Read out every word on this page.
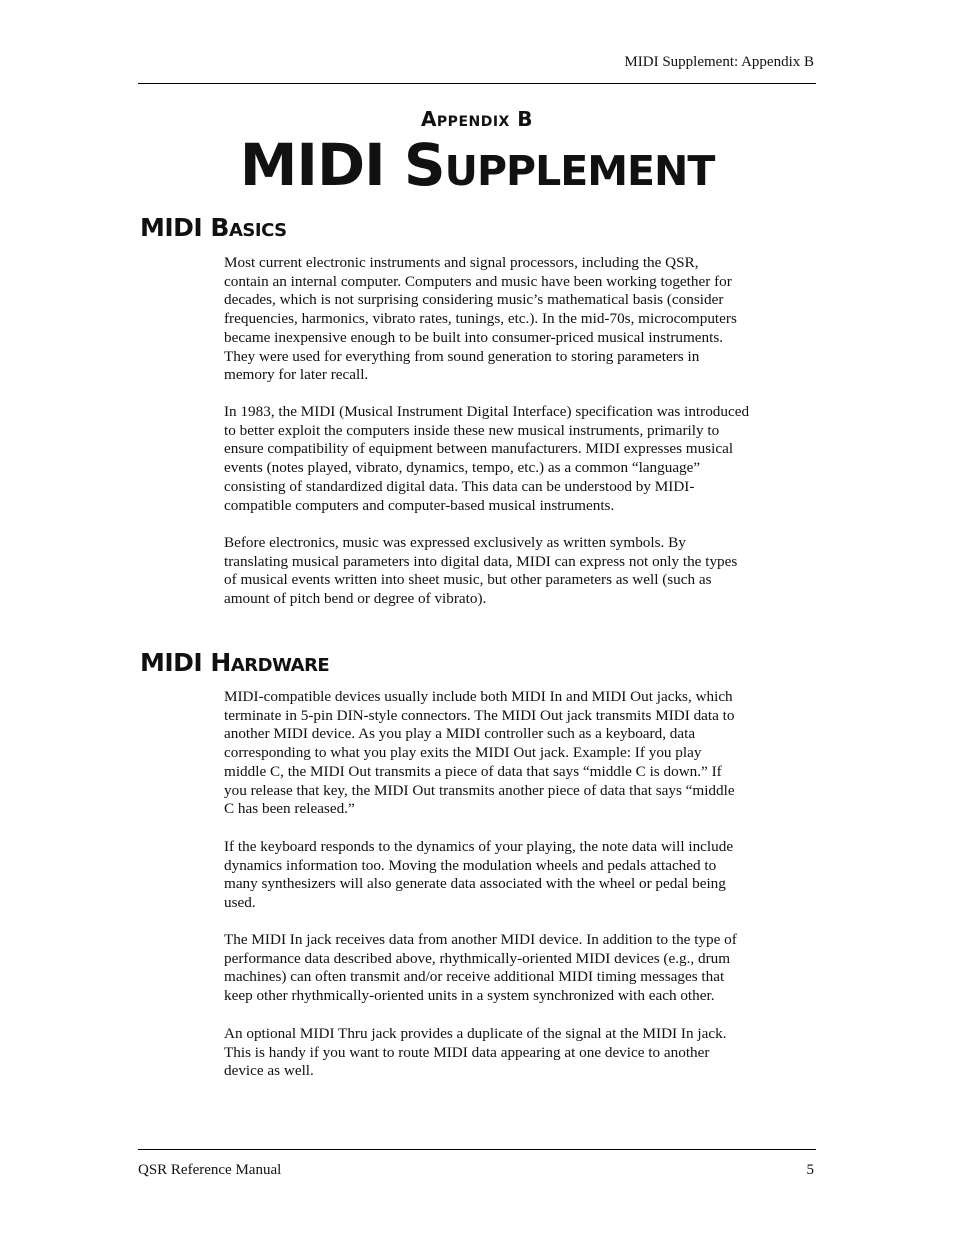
MIDI Supplement: Appendix B
Appendix B
MIDI Supplement
MIDI Basics

Most current electronic instruments and signal processors, including the QSR,
contain an internal computer. Computers and music have been working together for
decades, which is not surprising considering music’s mathematical basis (consider
frequencies, harmonics, vibrato rates, tunings, etc.). In the mid-70s, microcomputers
became inexpensive enough to be built into consumer-priced musical instruments.
They were used for everything from sound generation to storing parameters in
memory for later recall.

In 1983, the MIDI (Musical Instrument Digital Interface) specification was introduced
to better exploit the computers inside these new musical instruments, primarily to
ensure compatibility of equipment between manufacturers. MIDI expresses musical
events (notes played, vibrato, dynamics, tempo, etc.) as a common “language”
consisting of standardized digital data. This data can be understood by MIDI-
compatible computers and computer-based musical instruments.

Before electronics, music was expressed exclusively as written symbols. By
translating musical parameters into digital data, MIDI can express not only the types
of musical events written into sheet music, but other parameters as well (such as
amount of pitch bend or degree of vibrato).

MIDI Hardware

MIDI-compatible devices usually include both MIDI In and MIDI Out jacks, which
terminate in 5-pin DIN-style connectors. The MIDI Out jack transmits MIDI data to
another MIDI device. As you play a MIDI controller such as a keyboard, data
corresponding to what you play exits the MIDI Out jack. Example: If you play
middle C, the MIDI Out transmits a piece of data that says “middle C is down.” If
you release that key, the MIDI Out transmits another piece of data that says “middle
C has been released.”

If the keyboard responds to the dynamics of your playing, the note data will include
dynamics information too. Moving the modulation wheels and pedals attached to
many synthesizers will also generate data associated with the wheel or pedal being
used.

The MIDI In jack receives data from another MIDI device. In addition to the type of
performance data described above, rhythmically-oriented MIDI devices (e.g., drum
machines) can often transmit and/or receive additional MIDI timing messages that
keep other rhythmically-oriented units in a system synchronized with each other.

An optional MIDI Thru jack provides a duplicate of the signal at the MIDI In jack.
This is handy if you want to route MIDI data appearing at one device to another
device as well.

QSR Reference Manual	5
